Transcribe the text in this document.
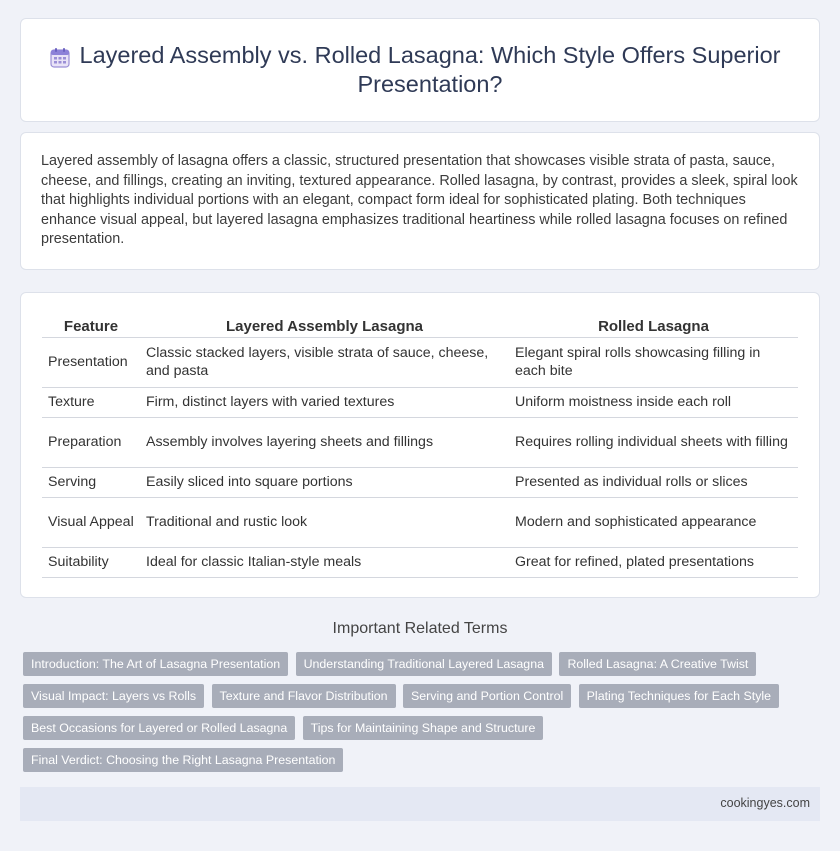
Layered Assembly vs. Rolled Lasagna: Which Style Offers Superior Presentation?

Layered assembly of lasagna offers a classic, structured presentation that showcases visible strata of pasta, sauce, cheese, and fillings, creating an inviting, textured appearance. Rolled lasagna, by contrast, provides a sleek, spiral look that highlights individual portions with an elegant, compact form ideal for sophisticated plating. Both techniques enhance visual appeal, but layered lasagna emphasizes traditional heartiness while rolled lasagna focuses on refined presentation.

Feature	Layered Assembly Lasagna	Rolled Lasagna
Presentation	Classic stacked layers, visible strata of sauce, cheese, and pasta	Elegant spiral rolls showcasing filling in each bite
Texture	Firm, distinct layers with varied textures	Uniform moistness inside each roll
Preparation	Assembly involves layering sheets and fillings	Requires rolling individual sheets with filling
Serving	Easily sliced into square portions	Presented as individual rolls or slices
Visual Appeal	Traditional and rustic look	Modern and sophisticated appearance
Suitability	Ideal for classic Italian-style meals	Great for refined, plated presentations
Important Related Terms
Introduction: The Art of Lasagna Presentation Understanding Traditional Layered Lasagna Rolled Lasagna: A Creative Twist Visual Impact: Layers vs Rolls Texture and Flavor Distribution Serving and Portion Control Plating Techniques for Each Style Best Occasions for Layered or Rolled Lasagna Tips for Maintaining Shape and Structure Final Verdict: Choosing the Right Lasagna Presentation
cookingyes.com
